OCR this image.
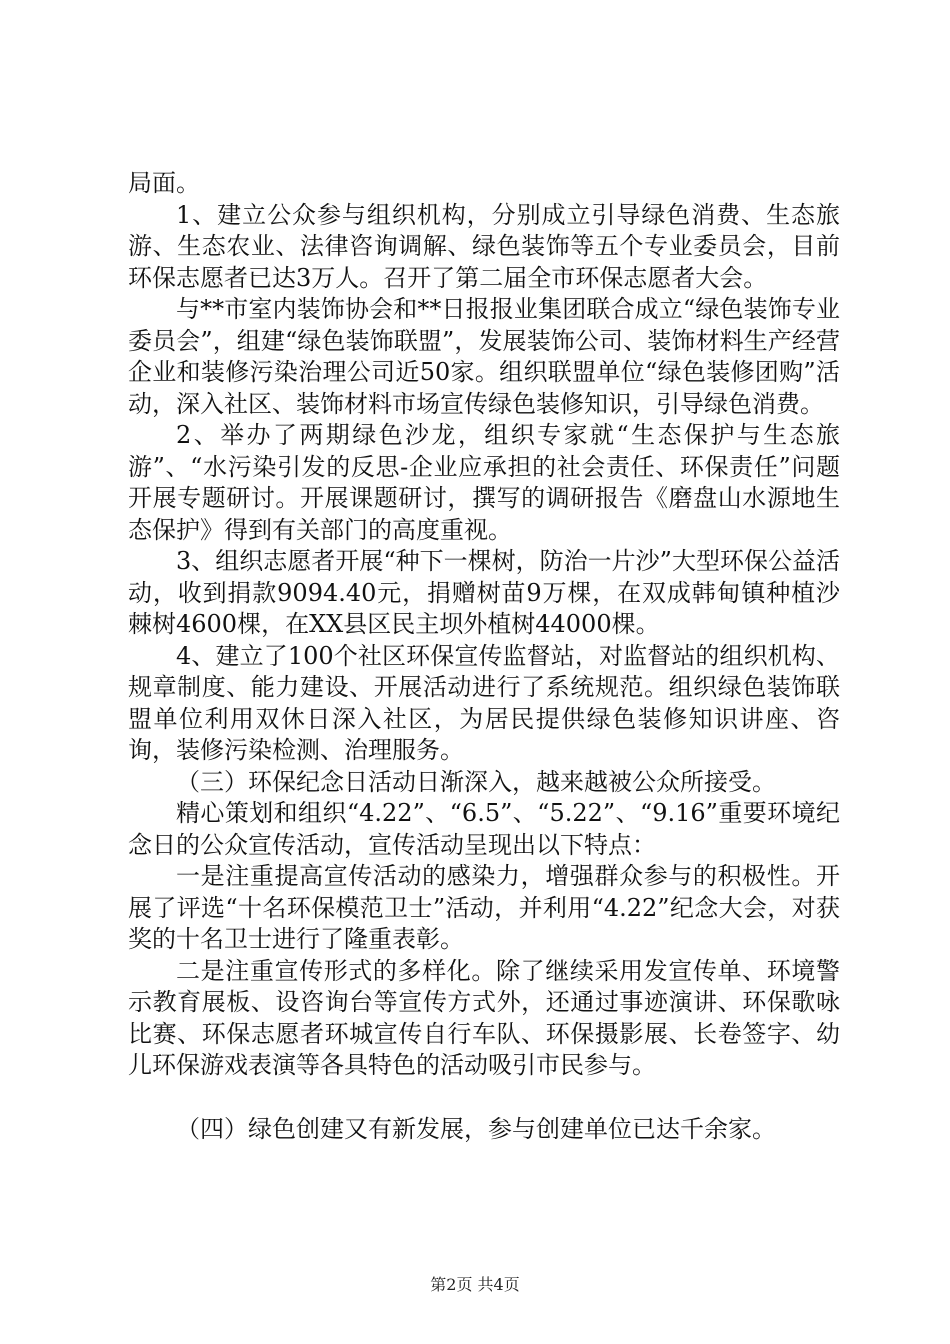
局面。

1、建立公众参与组织机构，分别成立引导绿色消费、生态旅游、生态农业、法律咨询调解、绿色装饰等五个专业委员会，目前环保志愿者已达3万人。召开了第二届全市环保志愿者大会。

与**市室内装饰协会和**日报报业集团联合成立“绿色装饰专业委员会”，组建“绿色装饰联盟”，发展装饰公司、装饰材料生产经营企业和装修污染治理公司近50家。组织联盟单位“绿色装修团购”活动，深入社区、装饰材料市场宣传绿色装修知识，引导绿色消费。

2、举办了两期绿色沙龙，组织专家就“生态保护与生态旅游”、“水污染引发的反思-企业应承担的社会责任、环保责任”问题开展专题研讨。开展课题研讨，撰写的调研报告《磨盘山水源地生态保护》得到有关部门的高度重视。

3、组织志愿者开展“种下一棵树，防治一片沙”大型环保公益活动，收到捐款9094.40元，捐赠树苗9万棵，在双成韩甸镇种植沙棘树4600棵，在XX县区民主坝外植树44000棵。

4、建立了100个社区环保宣传监督站，对监督站的组织机构、规章制度、能力建设、开展活动进行了系统规范。组织绿色装饰联盟单位利用双休日深入社区，为居民提供绿色装修知识讲座、咨询，装修污染检测、治理服务。

（三）环保纪念日活动日渐深入，越来越被公众所接受。

精心策划和组织“4.22”、“6.5”、“5.22”、“9.16”重要环境纪念日的公众宣传活动，宣传活动呈现出以下特点：

一是注重提高宣传活动的感染力，增强群众参与的积极性。开展了评选“十名环保模范卫士”活动，并利用“4.22”纪念大会，对获奖的十名卫士进行了隆重表彰。

二是注重宣传形式的多样化。除了继续采用发宣传单、环境警示教育展板、设咨询台等宣传方式外，还通过事迹演讲、环保歌咏比赛、环保志愿者环城宣传自行车队、环保摄影展、长卷签字、幼儿环保游戏表演等各具特色的活动吸引市民参与。

（四）绿色创建又有新发展，参与创建单位已达千余家。

第2页 共4页
